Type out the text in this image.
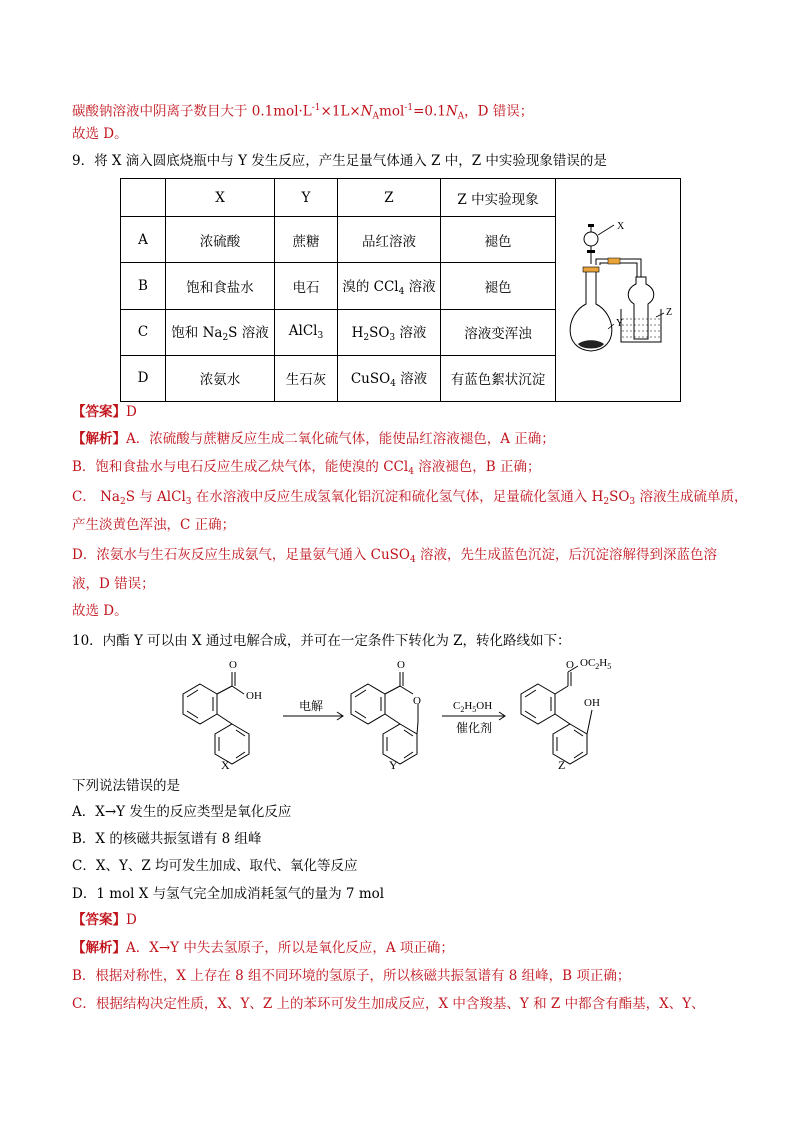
碳酸钠溶液中阴离子数目大于 $0.1mol\cdot L^{-1}\times 1L\times N_Amol^{-1}=0.1N_A$，D 错误；
故选 D。
9．将 X 滴入圆底烧瓶中与 Y 发生反应，产生足量气体通入 Z 中，Z 中实验现象错误的是
	X	Y	Z	Z 中实验现象	X
Y
Z

A	浓硫酸	蔗糖	品红溶液	褪色	
B	饱和食盐水	电石	溴的 CCl$_4$ 溶液	褪色	
C	饱和 $Na_2S$ 溶液	AlCl$_3$	$H_2SO_3$ 溶液	溶液变浑浊	
D	浓氨水	生石灰	CuSO$_4$ 溶液	有蓝色絮状沉淀	
【答案】D
【解析】A．浓硫酸与蔗糖反应生成二氧化硫气体，能使品红溶液褪色，A 正确；
B．饱和食盐水与电石反应生成乙炔气体，能使溴的 CCl$_4$ 溶液褪色，B 正确；
C． $Na_2S$ 与 AlCl$_3$ 在水溶液中反应生成氢氧化铝沉淀和硫化氢气体，足量硫化氢通入 $H_2SO_3$ 溶液生成硫单质，
产生淡黄色浑浊，C 正确；
D．浓氨水与生石灰反应生成氨气，足量氨气通入 CuSO$_4$ 溶液，先生成蓝色沉淀，后沉淀溶解得到深蓝色溶
液，D 错误；
故选 D。
10．内酯 Y 可以由 X 通过电解合成，并可在一定条件下转化为 Z，转化路线如下：
O
OH
X
电解
O
O
Y
$C_2H_5OH$
催化剂
O $OC_2H_5$
OH
Z
下列说法错误的是
A．X→Y 发生的反应类型是氧化反应
B．X 的核磁共振氢谱有 8 组峰
C．X、Y、Z 均可发生加成、取代、氧化等反应
D．1 mol X 与氢气完全加成消耗氢气的量为 7 mol
【答案】D
【解析】A．X→Y 中失去氢原子，所以是氧化反应，A 项正确；
B．根据对称性，X 上存在 8 组不同环境的氢原子，所以核磁共振氢谱有 8 组峰，B 项正确；
C．根据结构决定性质，X、Y、Z 上的苯环可发生加成反应，X 中含羧基、Y 和 Z 中都含有酯基，X、Y、
